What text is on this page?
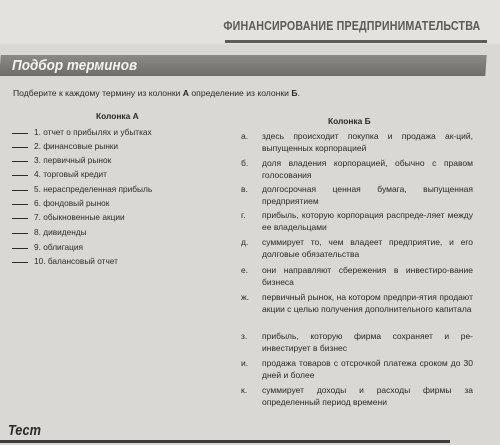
ФИНАНСИРОВАНИЕ ПРЕДПРИНИМАТЕЛЬСТВА
Подбор терминов
Подберите к каждому термину из колонки А определение из колонки Б.
Колонка А	Колонка Б
1. отчет о прибылях и убытках
2. финансовые рынки
3. первичный рынок
4. торговый кредит
5. нераспределенная прибыль
6. фондовый рынок
7. обыкновенные акции
8. дивиденды
9. облигация
10. балансовый отчет
а.	здесь происходит покупка и продажа ак-ций, выпущенных корпорацией
б.	доля владения корпорацией, обычно с правом голосования
в.	долгосрочная ценная бумага, выпущенная предприятием
г.	прибыль, которую корпорация распреде-ляет между ее владельцами
д.	суммирует то, чем владеет предприятие, и его долговые обязательства
е.	они направляют сбережения в инвестиро-вание бизнеса
ж.	первичный рынок, на котором предпри-ятия продают акции с целью получения дополнительного капитала
з.	прибыль, которую фирма сохраняет и ре-инвестирует в бизнес
и.	продажа товаров с отсрочкой платежа сроком до 30 дней и более
к.	суммирует доходы и расходы фирмы за определенный период времени
Тест
